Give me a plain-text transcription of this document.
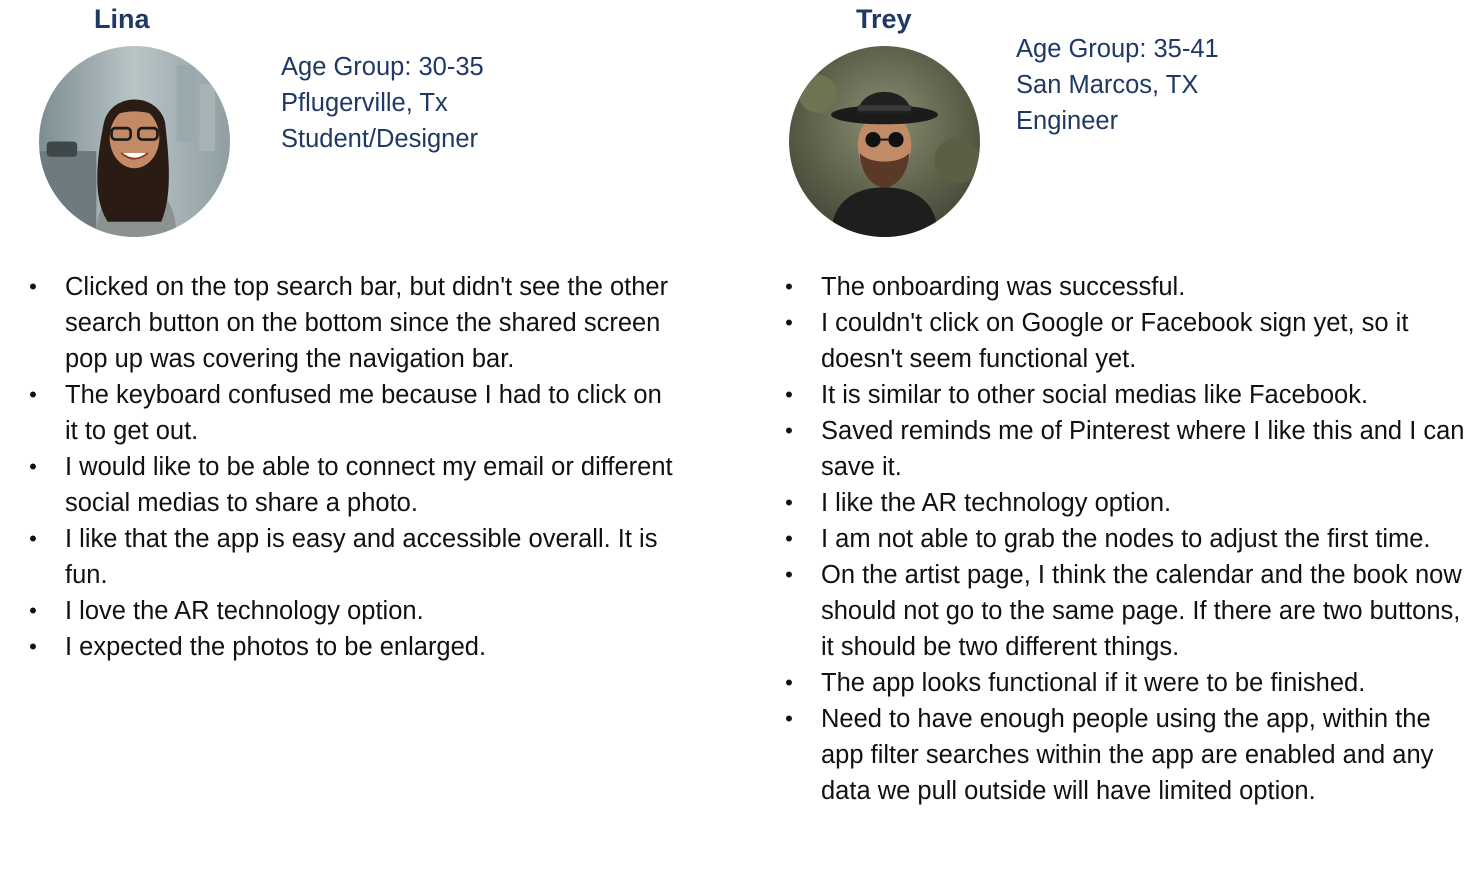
Lina
Age Group: 30-35
Pflugerville, Tx
Student/Designer
• Clicked on the top search bar, but didn't see the other search button on the bottom since the shared screen pop up was covering the navigation bar.
• The keyboard confused me because I had to click on it to get out.
• I would like to be able to connect my email or different social medias to share a photo.
• I like that the app is easy and accessible overall. It is fun.
• I love the AR technology option.
• I expected the photos to be enlarged.
Trey
Age Group: 35-41
San Marcos, TX
Engineer
• The onboarding was successful.
• I couldn't click on Google or Facebook sign yet, so it doesn't seem functional yet.
• It is similar to other social medias like Facebook.
• Saved reminds me of Pinterest where I like this and I can save it.
• I like the AR technology option.
• I am not able to grab the nodes to adjust the first time.
• On the artist page, I think the calendar and the book now should not go to the same page. If there are two buttons, it should be two different things.
• The app looks functional if it were to be finished.
• Need to have enough people using the app, within the app filter searches within the app are enabled and any data we pull outside will have limited option.
